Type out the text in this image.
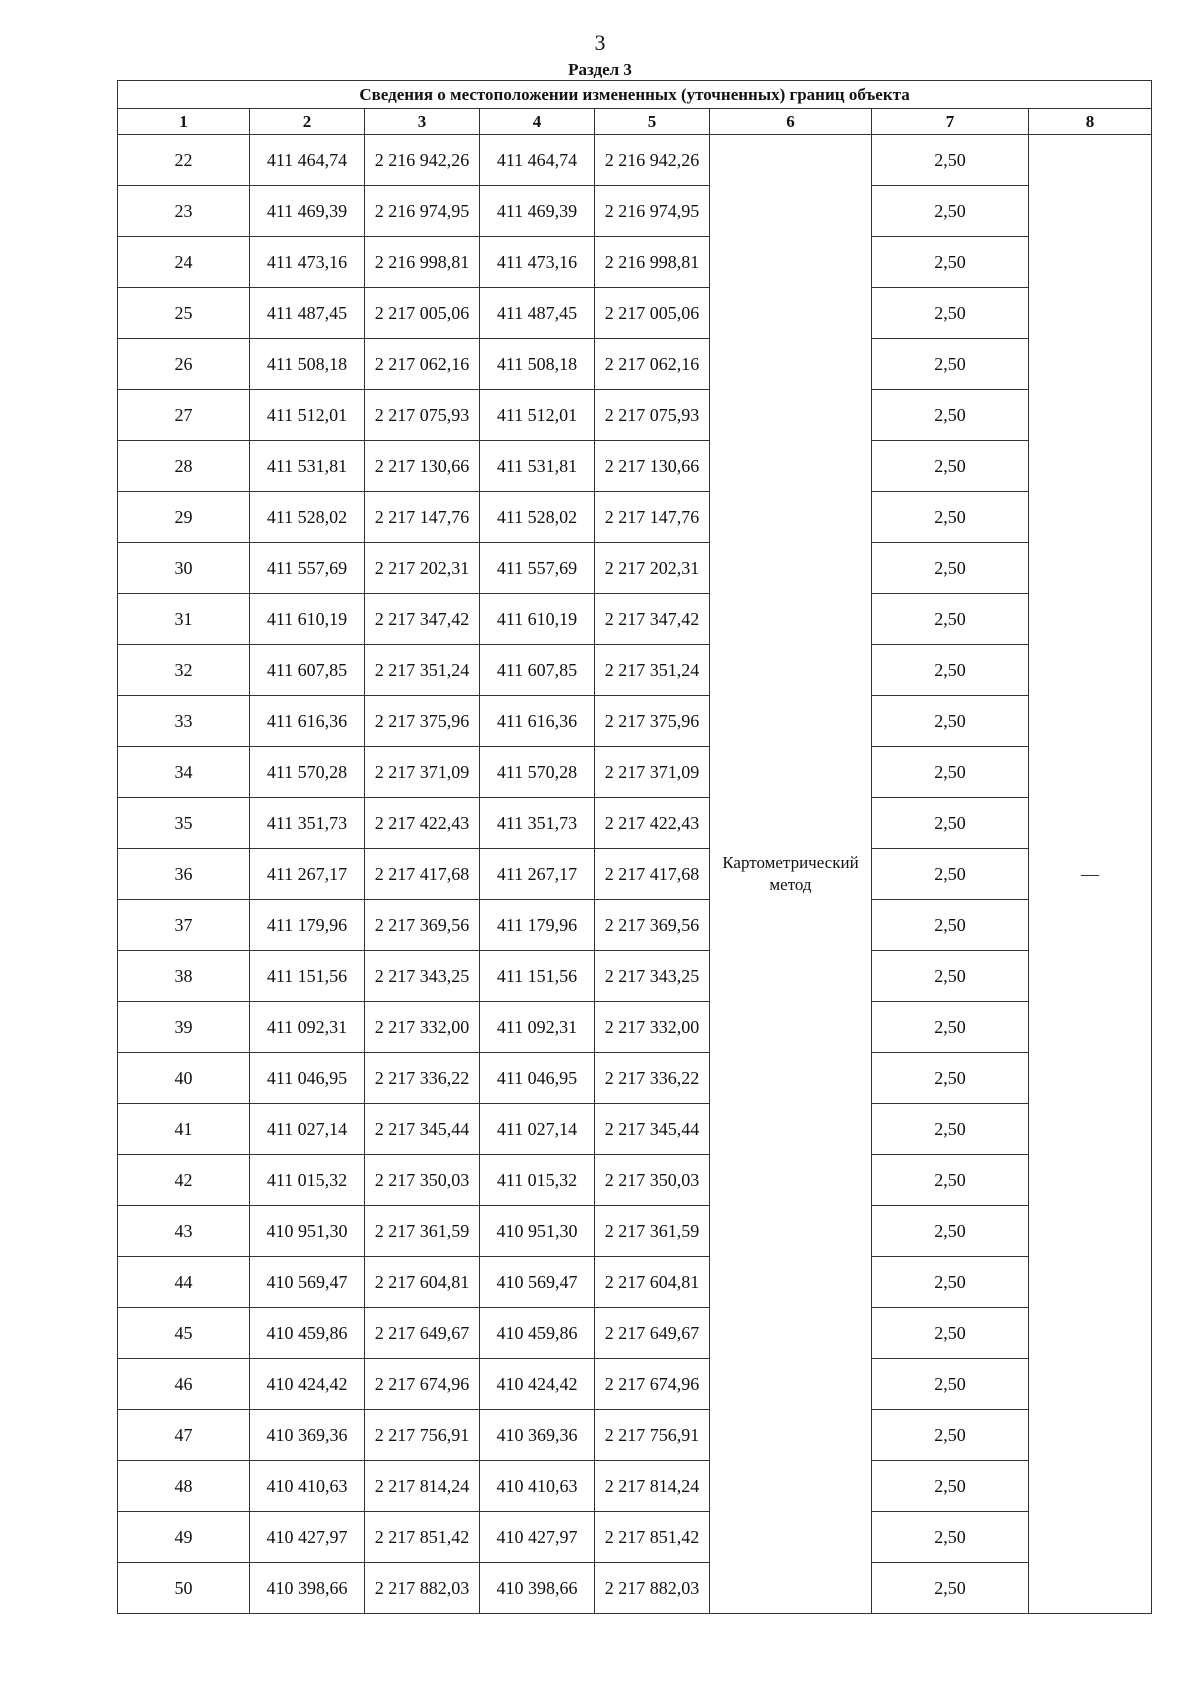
3
Раздел 3
Сведения о местоположении измененных (уточненных) границ объекта							
1	2	3	4	5	6	7	8
22	411 464,74	2 216 942,26	411 464,74	2 216 942,26	Картометрический метод	2,50	—
23	411 469,39	2 216 974,95	411 469,39	2 216 974,95		2,50	
24	411 473,16	2 216 998,81	411 473,16	2 216 998,81		2,50	
25	411 487,45	2 217 005,06	411 487,45	2 217 005,06		2,50	
26	411 508,18	2 217 062,16	411 508,18	2 217 062,16		2,50	
27	411 512,01	2 217 075,93	411 512,01	2 217 075,93		2,50	
28	411 531,81	2 217 130,66	411 531,81	2 217 130,66		2,50	
29	411 528,02	2 217 147,76	411 528,02	2 217 147,76		2,50	
30	411 557,69	2 217 202,31	411 557,69	2 217 202,31		2,50	
31	411 610,19	2 217 347,42	411 610,19	2 217 347,42		2,50	
32	411 607,85	2 217 351,24	411 607,85	2 217 351,24		2,50	
33	411 616,36	2 217 375,96	411 616,36	2 217 375,96		2,50	
34	411 570,28	2 217 371,09	411 570,28	2 217 371,09		2,50	
35	411 351,73	2 217 422,43	411 351,73	2 217 422,43		2,50	
36	411 267,17	2 217 417,68	411 267,17	2 217 417,68		2,50	
37	411 179,96	2 217 369,56	411 179,96	2 217 369,56		2,50	
38	411 151,56	2 217 343,25	411 151,56	2 217 343,25		2,50	
39	411 092,31	2 217 332,00	411 092,31	2 217 332,00		2,50	
40	411 046,95	2 217 336,22	411 046,95	2 217 336,22		2,50	
41	411 027,14	2 217 345,44	411 027,14	2 217 345,44		2,50	
42	411 015,32	2 217 350,03	411 015,32	2 217 350,03		2,50	
43	410 951,30	2 217 361,59	410 951,30	2 217 361,59		2,50	
44	410 569,47	2 217 604,81	410 569,47	2 217 604,81		2,50	
45	410 459,86	2 217 649,67	410 459,86	2 217 649,67		2,50	
46	410 424,42	2 217 674,96	410 424,42	2 217 674,96		2,50	
47	410 369,36	2 217 756,91	410 369,36	2 217 756,91		2,50	
48	410 410,63	2 217 814,24	410 410,63	2 217 814,24		2,50	
49	410 427,97	2 217 851,42	410 427,97	2 217 851,42		2,50	
50	410 398,66	2 217 882,03	410 398,66	2 217 882,03		2,50	
